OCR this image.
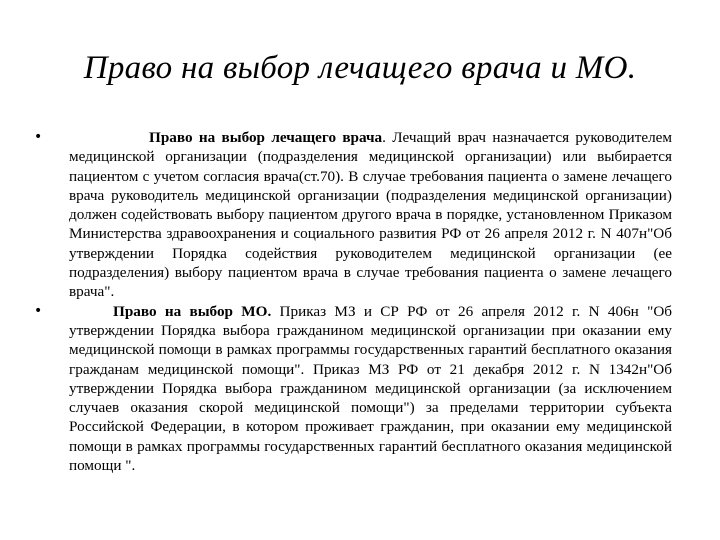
Право на выбор лечащего врача и МО.
•	Право на выбор лечащего врача. Лечащий врач назначается руководителем медицинской организации (подразделения медицинской организации) или выбирается пациентом с учетом согласия врача(ст.70). В случае требования пациента о замене лечащего врача руководитель медицинской организации (подразделения медицинской организации) должен содействовать выбору пациентом другого врача в порядке, установленном Приказом Министерства здравоохранения и социального развития РФ от 26 апреля 2012 г. N 407н"Об утверждении Порядка содействия руководителем медицинской организации (ее подразделения) выбору пациентом врача в случае требования пациента о замене лечащего врача".
•	Право на выбор МО. Приказ МЗ и СР РФ от 26 апреля 2012 г. N 406н "Об утверждении Порядка выбора гражданином медицинской организации при оказании ему медицинской помощи в рамках программы государственных гарантий бесплатного оказания гражданам медицинской помощи". Приказ МЗ РФ от 21 декабря 2012 г. N 1342н"Об утверждении Порядка выбора гражданином медицинской организации (за исключением случаев оказания скорой медицинской помощи") за пределами территории субъекта Российской Федерации, в котором проживает гражданин, при оказании ему медицинской помощи в рамках программы государственных гарантий бесплатного оказания медицинской помощи ".
